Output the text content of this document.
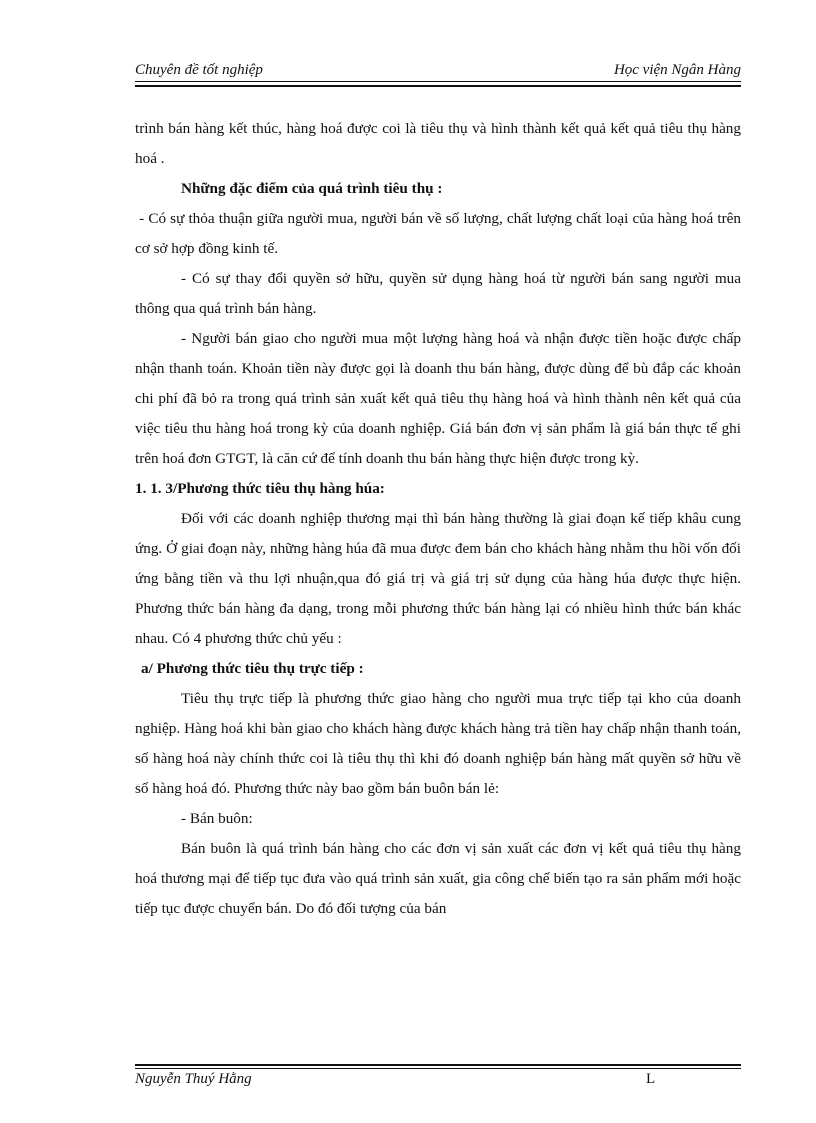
Chuyên đề tốt nghiệp	Học viện Ngân Hàng

trình bán hàng kết thúc, hàng hoá được coi là tiêu thụ và hình thành kết quả kết quả tiêu thụ hàng hoá .

Những đặc điểm của quá trình tiêu thụ :

- Có sự thỏa thuận giữa người mua, người bán về số lượng, chất lượng chất loại của hàng hoá trên cơ sở hợp đồng kinh tế.

- Có sự thay đổi quyền sở hữu, quyền sử dụng hàng hoá từ người bán sang người mua thông qua quá trình bán hàng.

- Người bán giao cho người mua một lượng hàng hoá và nhận được tiền hoặc được chấp nhận thanh toán. Khoản tiền này được gọi là doanh thu bán hàng, được dùng để bù đắp các khoản chi phí đã bỏ ra trong quá trình sản xuất kết quả tiêu thụ hàng hoá và hình thành nên kết quả của việc tiêu thu hàng hoá trong kỳ của doanh nghiệp. Giá bán đơn vị sản phẩm là giá bán thực tế ghi trên hoá đơn GTGT, là căn cứ để tính doanh thu bán hàng thực hiện được trong kỳ.

1. 1. 3/Phương thức tiêu thụ hàng húa:

Đối với các doanh nghiệp thương mại thì bán hàng thường là giai đoạn kế tiếp khâu cung ứng. Ở giai đoạn này, những hàng húa đã mua được đem bán cho khách hàng nhằm thu hồi vốn đối ứng bằng tiền và thu lợi nhuận,qua đó giá trị và giá trị sử dụng của hàng húa được thực hiện. Phương thức bán hàng đa dạng, trong mỗi phương thức bán hàng lại có nhiều hình thức bán khác nhau. Có 4 phương thức chủ yếu :

a/ Phương thức tiêu thụ trực tiếp :

Tiêu thụ trực tiếp là phương thức giao hàng cho người mua trực tiếp tại kho của doanh nghiệp. Hàng hoá khi bàn giao cho khách hàng được khách hàng trả tiền hay chấp nhận thanh toán, số hàng hoá này chính thức coi là tiêu thụ thì khi đó doanh nghiệp bán hàng mất quyền sở hữu về số hàng hoá đó. Phương thức này bao gồm bán buôn bán lẻ:

- Bán buôn:

Bán buôn là quá trình bán hàng cho các đơn vị sản xuất các đơn vị kết quả tiêu thụ hàng hoá thương mại để tiếp tục đưa vào quá trình sản xuất, gia công chế biến tạo ra sản phẩm mới hoặc tiếp tục được chuyển bán. Do đó đối tượng của bán

Nguyễn Thuý Hằng	L
